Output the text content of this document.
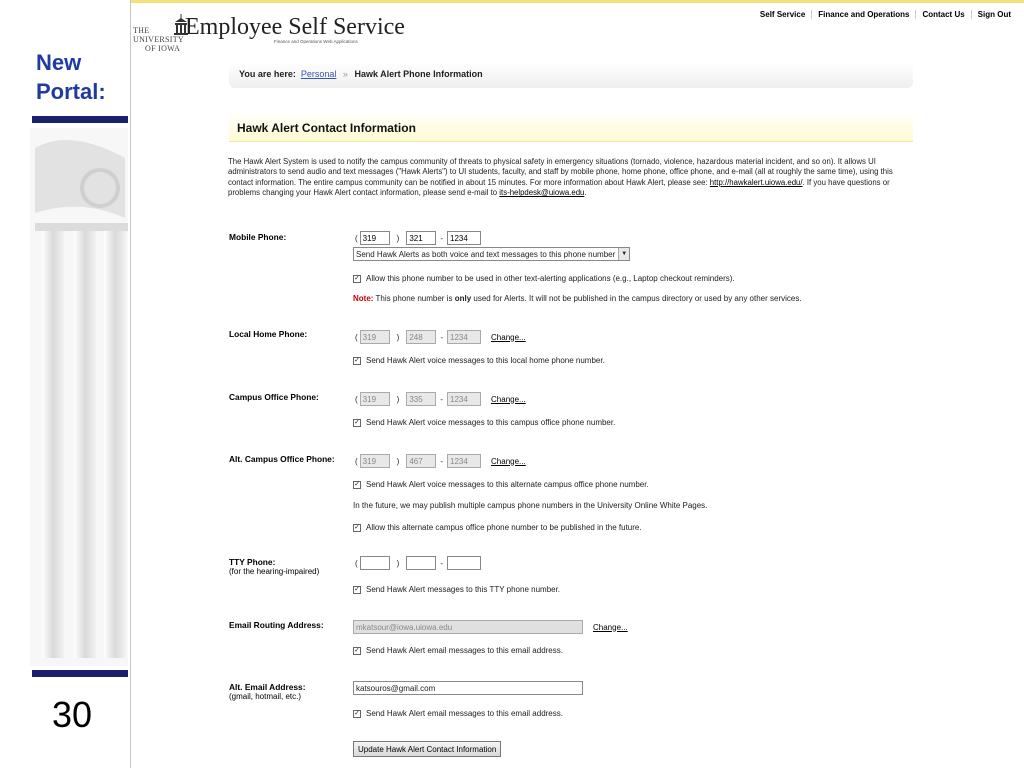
New
Portal:
30
THE
UNIVERSITY
OF IOWA
Employee Self Service
Finance and Operations Web Applications
Self Service	Finance and Operations	Contact Us	Sign Out
You are here: Personal » Hawk Alert Phone Information
Hawk Alert Contact Information
The Hawk Alert System is used to notify the campus community of threats to physical safety in emergency situations (tornado, violence, hazardous material incident, and so on). It allows UI administrators to send audio and text messages ("Hawk Alerts") to UI students, faculty, and staff by mobile phone, home phone, office phone, and e-mail (all at roughly the same time), using this contact information. The entire campus community can be notified in about 15 minutes. For more information about Hawk Alert, please see: http://hawkalert.uiowa.edu/. If you have questions or problems changing your Hawk Alert contact information, please send e-mail to its-helpdesk@uiowa.edu.
Mobile Phone:	( 319	)	321	- 1234
Send Hawk Alerts as both voice and text messages to this phone number	▼
✓ Allow this phone number to be used in other text-alerting applications (e.g., Laptop checkout reminders).
Note: This phone number is only used for Alerts. It will not be published in the campus directory or used by any other services.
Local Home Phone:	( 319	)	248	- 1234	Change...
✓ Send Hawk Alert voice messages to this local home phone number.
Campus Office Phone:	( 319	)	335	- 1234	Change...
✓ Send Hawk Alert voice messages to this campus office phone number.
Alt. Campus Office Phone:	( 319	)	467	- 1234	Change...
✓ Send Hawk Alert voice messages to this alternate campus office phone number.
In the future, we may publish multiple campus phone numbers in the University Online White Pages.
✓ Allow this alternate campus office phone number to be published in the future.
TTY Phone:
(for the hearing-impaired)
(	)	-
✓ Send Hawk Alert messages to this TTY phone number.
Email Routing Address:	mkatsour@iowa.uiowa.edu	Change...
✓ Send Hawk Alert email messages to this email address.
Alt. Email Address:
(gmail, hotmail, etc.)
katsouros@gmail.com
✓ Send Hawk Alert email messages to this email address.
Update Hawk Alert Contact Information
